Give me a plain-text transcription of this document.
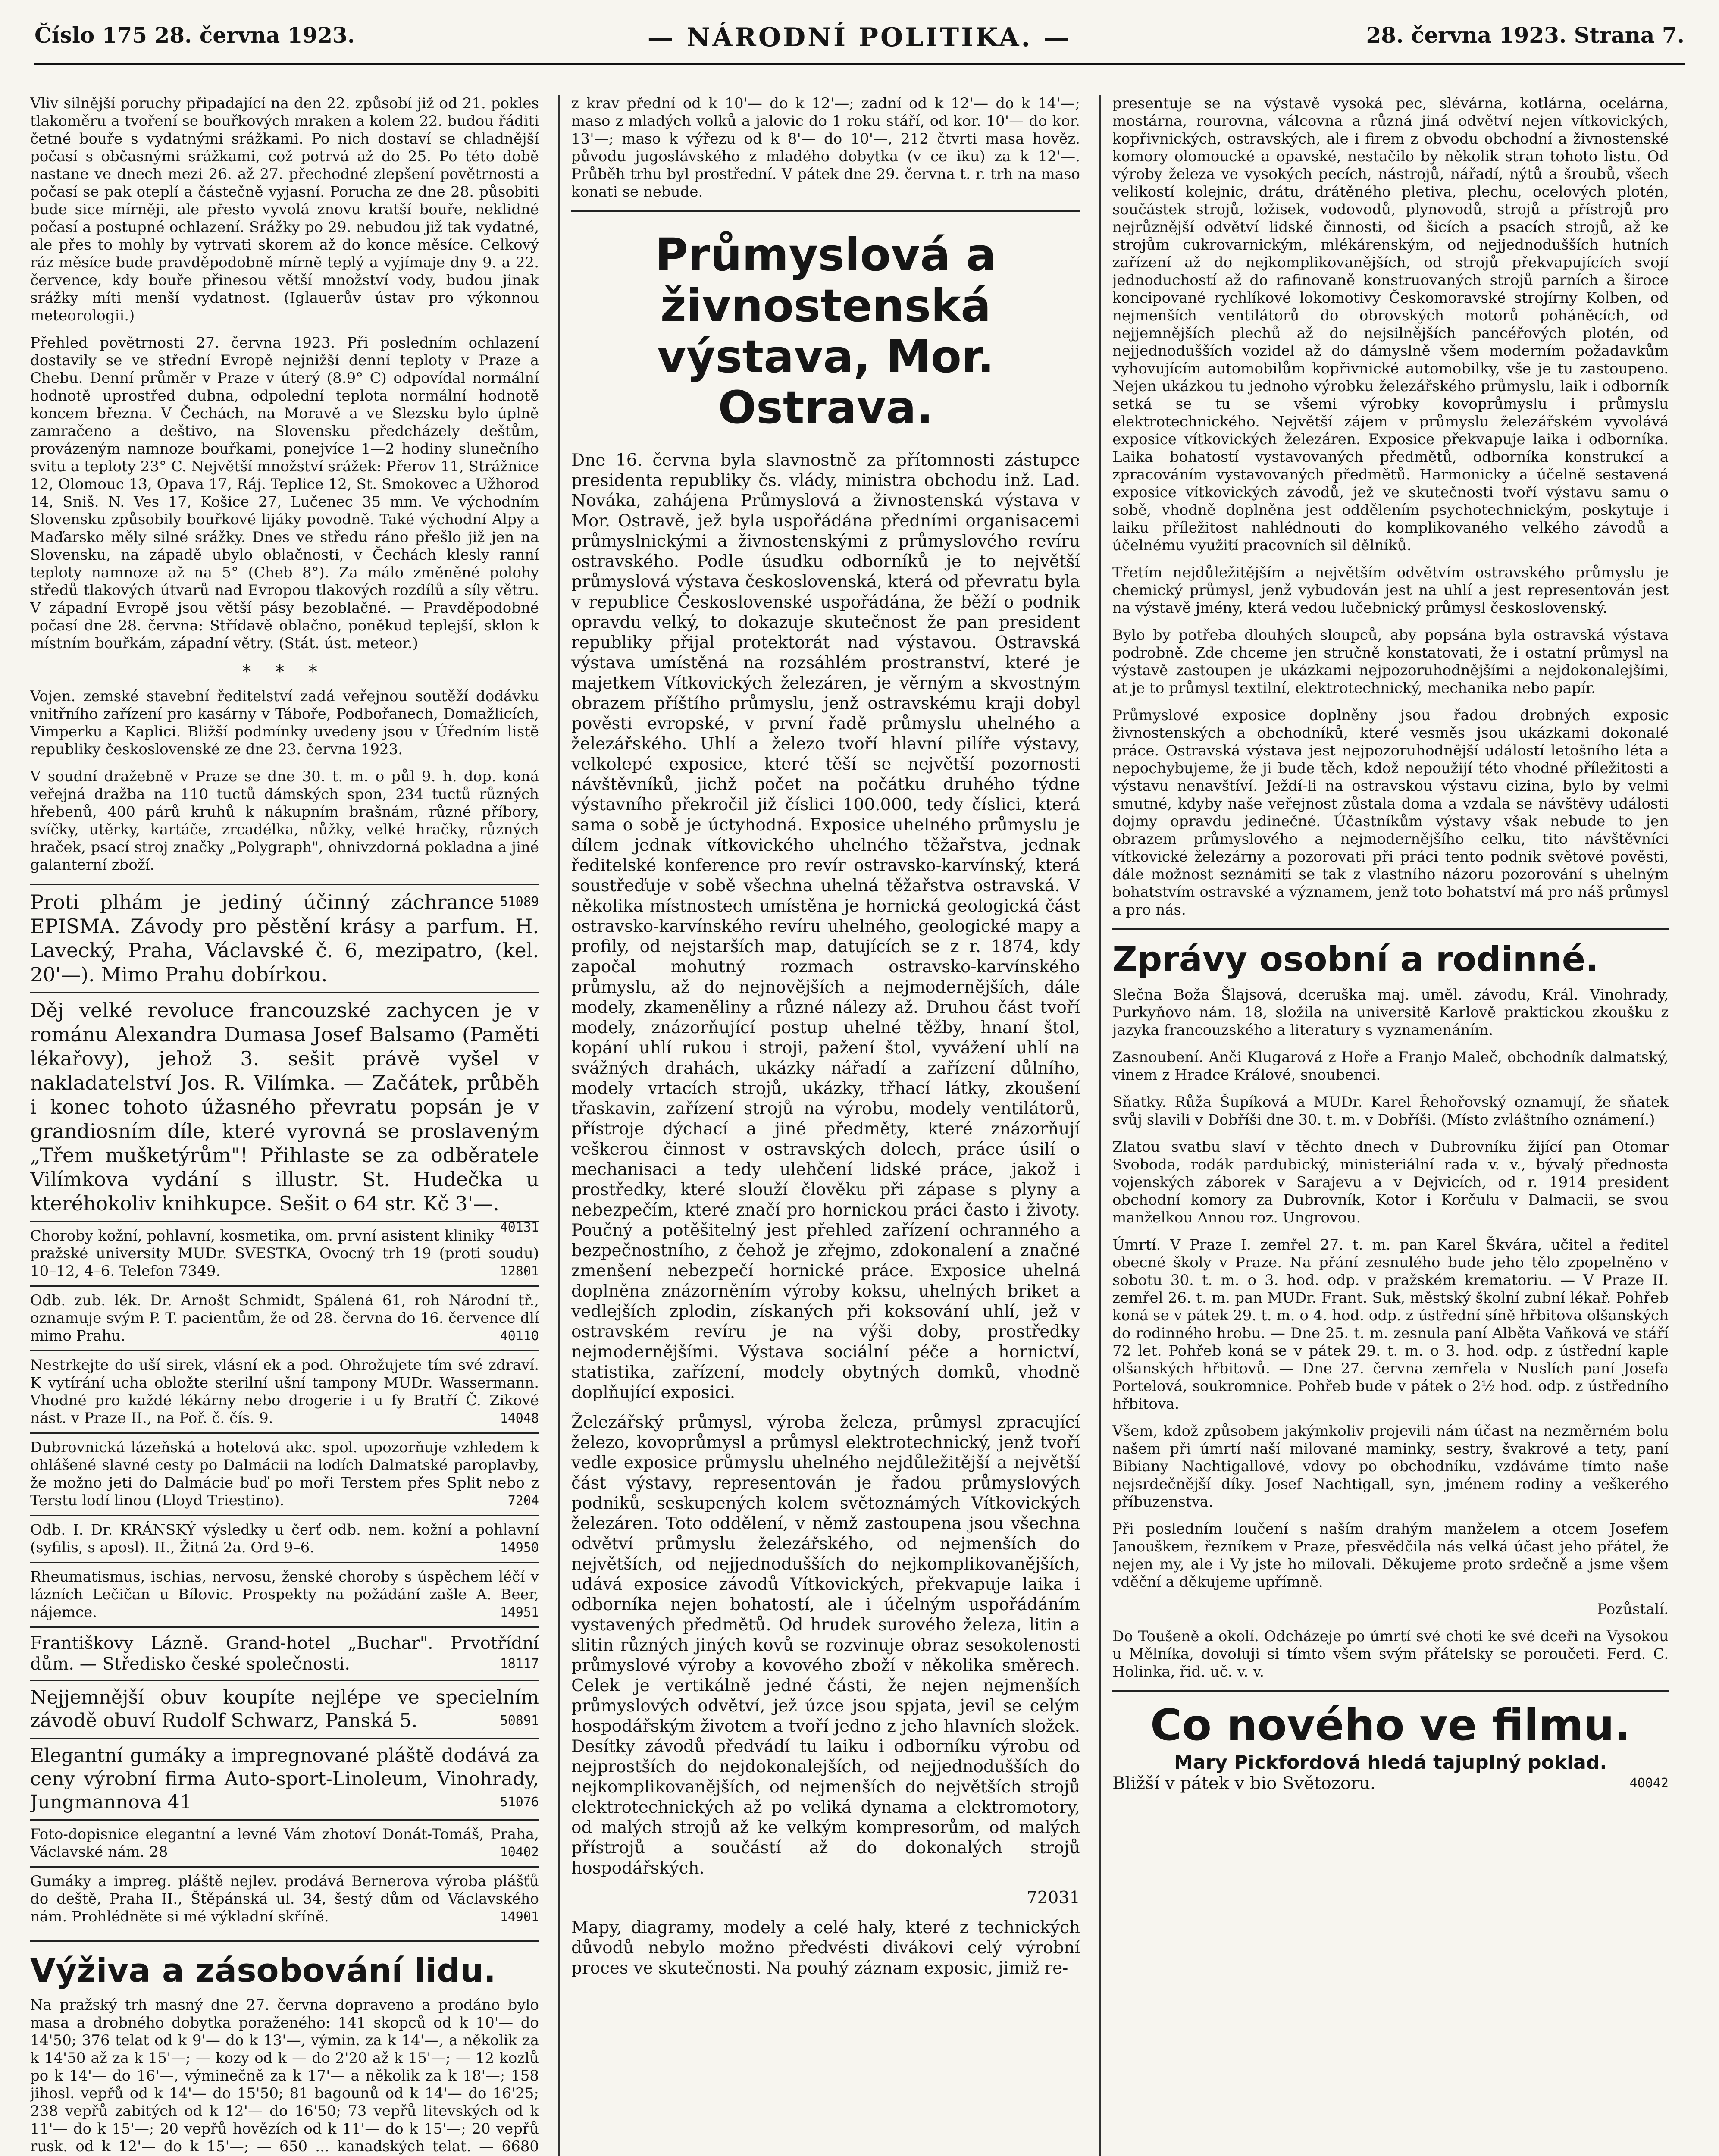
Číslo 175 28. června 1923.	— NÁRODNÍ POLITIKA. —	28. června 1923. Strana 7.

Vliv silnější poruchy připadající na den 22. způsobí již od 21. pokles tlakoměru a tvoření se bouřkových mraken a kolem 22. budou řáditi četné bouře s vydatnými srážkami. Po nich dostaví se chladnější počasí s občasnými srážkami, což potrvá až do 25. Po této době nastane ve dnech mezi 26. až 27. přechodné zlepšení povětrnosti a počasí se pak oteplí a částečně vyjasní. Porucha ze dne 28. působiti bude sice mírněji, ale přesto vyvolá znovu kratší bouře, neklidné počasí a postupné ochlazení. Srážky po 29. nebudou již tak vydatné, ale přes to mohly by vytrvati skorem až do konce měsíce. Celkový ráz měsíce bude pravděpodobně mírně teplý a vyjímaje dny 9. a 22. července, kdy bouře přinesou větší množství vody, budou jinak srážky míti menší vydatnost. (Iglauerův ústav pro výkonnou meteorologii.)

Přehled povětrnosti 27. června 1923. Při posledním ochlazení dostavily se ve střední Evropě nejnižší denní teploty v Praze a Chebu. Denní průměr v Praze v úterý (8.9° C) odpovídal normální hodnotě uprostřed dubna, odpolední teplota normální hodnotě koncem března. V Čechách, na Moravě a ve Slezsku bylo úplně zamračeno a deštivo, na Slovensku předcházely deštům, provázeným namnoze bouřkami, ponejvíce 1—2 hodiny slunečního svitu a teploty 23° C. Největší množství srážek: Přerov 11, Strážnice 12, Olomouc 13, Opava 17, Ráj. Teplice 12, St. Smokovec a Užhorod 14, Sniš. N. Ves 17, Košice 27, Lučenec 35 mm. Ve východním Slovensku způsobily bouřkové lijáky povodně. Také východní Alpy a Maďarsko měly silné srážky. Dnes ve středu ráno přešlo již jen na Slovensku, na západě ubylo oblačnosti, v Čechách klesly ranní teploty namnoze až na 5° (Cheb 8°). Za málo změněné polohy středů tlakových útvarů nad Evropou tlakových rozdílů a síly větru. V západní Evropě jsou větší pásy bezoblačné. — Pravděpodobné počasí dne 28. června: Střídavě oblačno, poněkud teplejší, sklon k místním bouřkám, západní větry. (Stát. úst. meteor.)

* * *

Vojen. zemské stavební ředitelství zadá veřejnou soutěží dodávku vnitřního zařízení pro kasárny v Táboře, Podbořanech, Domažlicích, Vimperku a Kaplici. Bližší podmínky uvedeny jsou v Úředním listě republiky československé ze dne 23. června 1923.

V soudní dražebně v Praze se dne 30. t. m. o půl 9. h. dop. koná veřejná dražba na 110 tuctů dámských spon, 234 tuctů různých hřebenů, 400 párů kruhů k nákupním brašnám, různé příbory, svíčky, utěrky, kartáče, zrcadélka, nůžky, velké hračky, různých hraček, psací stroj značky „Polygraph", ohnivzdorná pokladna a jiné galanterní zboží.

51089
Proti plhám je jediný účinný záchrance EPISMA. Závody pro pěstění krásy a parfum. H. Lavecký, Praha, Václavské č. 6, mezipatro, (kel. 20'—). Mimo Prahu dobírkou.

Děj velké revoluce francouzské zachycen je v románu Alexandra Dumasa Josef Balsamo (Paměti lékařovy), jehož 3. sešit právě vyšel v nakladatelství Jos. R. Vilímka. — Začátek, průběh i konec tohoto úžasného převratu popsán je v grandiosním díle, které vyrovná se proslaveným „Třem mušketýrům"! Přihlaste se za odběratele Vilímkova vydání s illustr. St. Hudečka u kteréhokoliv knihkupce. Sešit o 64 str. Kč 3'—.
40131

Choroby kožní, pohlavní, kosmetika, om. první asistent kliniky pražské university MUDr. SVESTKA, Ovocný trh 19 (proti soudu) 10–12, 4–6. Telefon 7349.	12801

Odb. zub. lék. Dr. Arnošt Schmidt, Spálená 61, roh Národní tř., oznamuje svým P. T. pacientům, že od 28. června do 16. července dlí mimo Prahu.	40110

Nestrkejte do uší sirek, vlásní ek a pod. Ohrožujete tím své zdraví. K vytírání ucha obložte sterilní ušní tampony MUDr. Wassermann. Vhodné pro každé lékárny nebo drogerie i u fy Bratří Č. Zikové nást. v Praze II., na Poř. č. čís. 9.	14048

Dubrovnická lázeňská a hotelová akc. spol. upozorňuje vzhledem k ohlášené slavné cesty po Dalmácii na lodích Dalmatské paroplavby, že možno jeti do Dalmácie buď po moři Terstem přes Split nebo z Terstu lodí linou (Lloyd Triestino).	7204

Odb. I. Dr. KRÁNSKÝ výsledky u čerť odb. nem. kožní a pohlavní (syfilis, s aposl). II., Žitná 2a. Ord 9–6.	14950

Rheumatismus, ischias, nervosu, ženské choroby s úspěchem léčí v lázních Lečičan u Bílovic. Prospekty na požádání zašle A. Beer, nájemce.	14951

Františkovy Lázně. Grand-hotel „Buchar". Prvotřídní dům. — Středisko české společnosti.	18117

Nejjemnější obuv koupíte nejlépe ve specielním závodě obuví Rudolf Schwarz, Panská 5.	50891

Elegantní gumáky a impregnované pláště dodává za ceny výrobní firma Auto-sport-Linoleum, Vinohrady, Jungmannova 41	51076

Foto-dopisnice elegantní a levné Vám zhotoví Donát-Tomáš, Praha, Václavské nám. 28	10402

Gumáky a impreg. pláště nejlev. prodává Bernerova výroba plášťů do deště, Praha II., Štěpánská ul. 34, šestý dům od Václavského nám. Prohlédněte si mé výkladní skříně.	14901

Výživa a zásobování lidu.

Na pražský trh masný dne 27. června dopraveno a prodáno bylo masa a drobného dobytka poraženého: 141 skopců od k 10'— do 14'50; 376 telat od k 9'— do k 13'—, výmin. za k 14'—, a několik za k 14'50 až za k 15'—; — kozy od k — do 2'20 až k 15'—; — 12 kozlů po k 14'— do 16'—, výminečně za k 17'— a několik za k 18'—; 158 jihosl. vepřů od k 14'— do 15'50; 81 bagounů od k 14'— do 16'25; 238 vepřů zabitých od k 12'— do 16'50; 73 vepřů litevských od k 11'— do k 15'—; 20 vepřů hovězích od k 11'— do k 15'—; 20 vepřů rusk. od k 12'— do k 15'—; — 650 ... kanadských telat. — 6680

z krav přední od k 10'— do k 12'—; zadní od k 12'— do k 14'—; maso z mladých volků a jalovic do 1 roku stáří, od kor. 10'— do kor. 13'—; maso k výřezu od k 8'— do 10'—, 212 čtvrti masa hověz. původu jugoslávského z mladého dobytka (v ce iku) za k 12'—. Průběh trhu byl prostřední. V pátek dne 29. června t. r. trh na maso konati se nebude.

Průmyslová a živnostenská výstava, Mor. Ostrava.

Dne 16. června byla slavnostně za přítomnosti zástupce presidenta republiky čs. vlády, ministra obchodu inž. Lad. Nováka, zahájena Průmyslová a živnostenská výstava v Mor. Ostravě, jež byla uspořádána předními organisacemi průmyslnickými a živnostenskými z průmyslového revíru ostravského. Podle úsudku odborníků je to největší průmyslová výstava československá, která od převratu byla v republice Československé uspořádána, že běží o podnik opravdu velký, to dokazuje skutečnost že pan president republiky přijal protektorát nad výstavou. Ostravská výstava umístěná na rozsáhlém prostranství, které je majetkem Vítkovických železáren, je věrným a skvostným obrazem příštího průmyslu, jenž ostravskému kraji dobyl pověsti evropské, v první řadě průmyslu uhelného a železářského. Uhlí a železo tvoří hlavní pilíře výstavy, velkolepé exposice, které těší se největší pozornosti návštěvníků, jichž počet na počátku druhého týdne výstavního překročil již číslici 100.000, tedy číslici, která sama o sobě je úctyhodná. Exposice uhelného průmyslu je dílem jednak vítkovického uhelného těžařstva, jednak ředitelské konference pro revír ostravsko-karvínský, která soustřeďuje v sobě všechna uhelná těžařstva ostravská. V několika místnostech umístěna je hornická geologická část ostravsko-karvínského revíru uhelného, geologické mapy a profily, od nejstarších map, datujících se z r. 1874, kdy započal mohutný rozmach ostravsko-karvínského průmyslu, až do nejnovějších a nejmodernějších, dále modely, zkameněliny a různé nálezy až. Druhou část tvoří modely, znázorňující postup uhelné těžby, hnaní štol, kopání uhlí rukou i stroji, pažení štol, vyvážení uhlí na svážných drahách, ukázky nářadí a zařízení důlního, modely vrtacích strojů, ukázky, třhací látky, zkoušení třaskavin, zařízení strojů na výrobu, modely ventilátorů, přístroje dýchací a jiné předměty, které znázorňují veškerou činnost v ostravských dolech, práce úsilí o mechanisaci a tedy ulehčení lidské práce, jakož i prostředky, které slouží člověku při zápase s plyny a nebezpečím, které značí pro hornickou práci často i životy. Poučný a potěšitelný jest přehled zařízení ochranného a bezpečnostního, z čehož je zřejmo, zdokonalení a značné zmenšení nebezpečí hornické práce. Exposice uhelná doplněna znázorněním výroby koksu, uhelných briket a vedlejších zplodin, získaných při koksování uhlí, jež v ostravském revíru je na výši doby, prostředky nejmodernějšími. Výstava sociální péče a hornictví, statistika, zařízení, modely obytných domků, vhodně doplňující exposici.

Železářský průmysl, výroba železa, průmysl zpracující železo, kovoprůmysl a průmysl elektrotechnický, jenž tvoří vedle exposice průmyslu uhelného nejdůležitější a největší část výstavy, representován je řadou průmyslových podniků, seskupených kolem světoznámých Vítkovických železáren. Toto oddělení, v němž zastoupena jsou všechna odvětví průmyslu železářského, od nejmenších do největších, od nejjednodušších do nejkomplikovanějších, udává exposice závodů Vítkovických, překvapuje laika i odborníka nejen bohatostí, ale i účelným uspořádáním vystavených předmětů. Od hrudek surového železa, litin a slitin různých jiných kovů se rozvinuje obraz sesokolenosti průmyslové výroby a kovového zboží v několika směrech. Celek je vertikálně jedné části, že nejen nejmenších průmyslových odvětví, jež úzce jsou spjata, jevil se celým hospodářským životem a tvoří jedno z jeho hlavních složek. Desítky závodů předvádí tu laiku i odborníku výrobu od nejprostších do nejdokonalejších, od nejjednodušších do nejkomplikovanějších, od nejmenších do největších strojů elektrotechnických až po veliká dynama a elektromotory, od malých strojů až ke velkým kompresorům, od malých přístrojů a součástí až do dokonalých strojů hospodářských.

72031

Mapy, diagramy, modely a celé haly, které z technických důvodů nebylo možno předvésti divákovi celý výrobní proces ve skutečnosti. Na pouhý záznam exposic, jimiž re-

presentuje se na výstavě vysoká pec, slévárna, kotlárna, ocelárna, mostárna, rourovna, válcovna a různá jiná odvětví nejen vítkovických, kopřivnických, ostravských, ale i firem z obvodu obchodní a živnostenské komory olomoucké a opavské, nestačilo by několik stran tohoto listu. Od výroby železa ve vysokých pecích, nástrojů, nářadí, nýtů a šroubů, všech velikostí kolejnic, drátu, drátěného pletiva, plechu, ocelových plotén, součástek strojů, ložisek, vodovodů, plynovodů, strojů a přístrojů pro nejrůznější odvětví lidské činnosti, od šicích a psacích strojů, až ke strojům cukrovarnickým, mlékárenským, od nejjednodušších hutních zařízení až do nejkomplikovanějších, od strojů překvapujících svojí jednoduchostí až do rafinovaně konstruovaných strojů parních a široce koncipované rychlíkové lokomotivy Českomoravské strojírny Kolben, od nejmenších ventilátorů do obrovských motorů poháněcích, od nejjemnějších plechů až do nejsilnějších pancéřových plotén, od nejjednodušších vozidel až do dámyslně všem moderním požadavkům vyhovujícím automobilům kopřivnické automobilky, vše je tu zastoupeno. Nejen ukázkou tu jednoho výrobku železářského průmyslu, laik i odborník setká se tu se všemi výrobky kovoprůmyslu i průmyslu elektrotechnického. Největší zájem v průmyslu železářském vyvolává exposice vítkovických železáren. Exposice překvapuje laika i odborníka. Laika bohatostí vystavovaných předmětů, odborníka konstrukcí a zpracováním vystavovaných předmětů. Harmonicky a účelně sestavená exposice vítkovických závodů, jež ve skutečnosti tvoří výstavu samu o sobě, vhodně doplněna jest oddělením psychotechnickým, poskytuje i laiku příležitost nahlédnouti do komplikovaného velkého závodů a účelnému využití pracovních sil dělníků.

Třetím nejdůležitějším a největším odvětvím ostravského průmyslu je chemický průmysl, jenž vybudován jest na uhlí a jest representován jest na výstavě jmény, která vedou lučebnický průmysl československý.

Bylo by potřeba dlouhých sloupců, aby popsána byla ostravská výstava podrobně. Zde chceme jen stručně konstatovati, že i ostatní průmysl na výstavě zastoupen je ukázkami nejpozoruhodnějšími a nejdokonalejšími, at je to průmysl textilní, elektrotechnický, mechanika nebo papír.

Průmyslové exposice doplněny jsou řadou drobných exposic živnostenských a obchodníků, které vesměs jsou ukázkami dokonalé práce. Ostravská výstava jest nejpozoruhodnější událostí letošního léta a nepochybujeme, že ji bude těch, kdož nepoužijí této vhodné příležitosti a výstavu nenavštíví. Ježdí-li na ostravskou výstavu cizina, bylo by velmi smutné, kdyby naše veřejnost zůstala doma a vzdala se návštěvy události dojmy opravdu jedinečné. Účastníkům výstavy však nebude to jen obrazem průmyslového a nejmodernějšího celku, tito návštěvníci vítkovické železárny a pozorovati při práci tento podnik světové pověsti, dále možnost seznámiti se tak z vlastního názoru pozorování s uhelným bohatstvím ostravské a významem, jenž toto bohatství má pro náš průmysl a pro nás.

Zprávy osobní a rodinné.

Slečna Boža Šlajsová, dceruška maj. uměl. závodu, Král. Vinohrady, Purkyňovo nám. 18, složila na universitě Karlově praktickou zkoušku z jazyka francouzského a literatury s vyznamenáním.

Zasnoubení. Anči Klugarová z Hoře a Franjo Maleč, obchodník dalmatský, vinem z Hradce Králové, snoubenci.

Sňatky. Růža Šupíková a MUDr. Karel Řehořovský oznamují, že sňatek svůj slavili v Dobříši dne 30. t. m. v Dobříši. (Místo zvláštního oznámení.)

Zlatou svatbu slaví v těchto dnech v Dubrovníku žijící pan Otomar Svoboda, rodák pardubický, ministeriální rada v. v., bývalý přednosta vojenských záborek v Sarajevu a v Dejvicích, od r. 1914 president obchodní komory za Dubrovník, Kotor i Korčulu v Dalmacii, se svou manželkou Annou roz. Ungrovou.

Úmrtí. V Praze I. zemřel 27. t. m. pan Karel Škvára, učitel a ředitel obecné školy v Praze. Na přání zesnulého bude jeho tělo zpopelněno v sobotu 30. t. m. o 3. hod. odp. v pražském krematoriu. — V Praze II. zemřel 26. t. m. pan MUDr. Frant. Suk, městský školní zubní lékař. Pohřeb koná se v pátek 29. t. m. o 4. hod. odp. z ústřední síně hřbitova olšanských do rodinného hrobu. — Dne 25. t. m. zesnula paní Alběta Vaňková ve stáří 72 let. Pohřeb koná se v pátek 29. t. m. o 3. hod. odp. z ústřední kaple olšanských hřbitovů. — Dne 27. června zemřela v Nuslích paní Josefa Portelová, soukromnice. Pohřeb bude v pátek o 2½ hod. odp. z ústředního hřbitova.

Všem, kdož způsobem jakýmkoliv projevili nám účast na nezměrném bolu našem při úmrtí naší milované maminky, sestry, švakrové a tety, paní Bibiany Nachtigallové, vdovy po obchodníku, vzdáváme tímto naše nejsrdečnější díky. Josef Nachtigall, syn, jménem rodiny a veškerého příbuzenstva.

Při posledním loučení s naším drahým manželem a otcem Josefem Janouškem, řezníkem v Praze, přesvědčila nás velká účast jeho přátel, že nejen my, ale i Vy jste ho milovali. Děkujeme proto srdečně a jsme všem vděční a děkujeme upřímně.

Pozůstalí.

Do Toušeně a okolí. Odcházeje po úmrtí své choti ke své dceři na Vysokou u Mělníka, dovoluji si tímto všem svým přátelsky se poroučeti. Ferd. C. Holinka, řid. uč. v. v.

Co nového ve filmu.

Mary Pickfordová hledá tajuplný poklad.

40042
Bližší v pátek v bio Světozoru.
